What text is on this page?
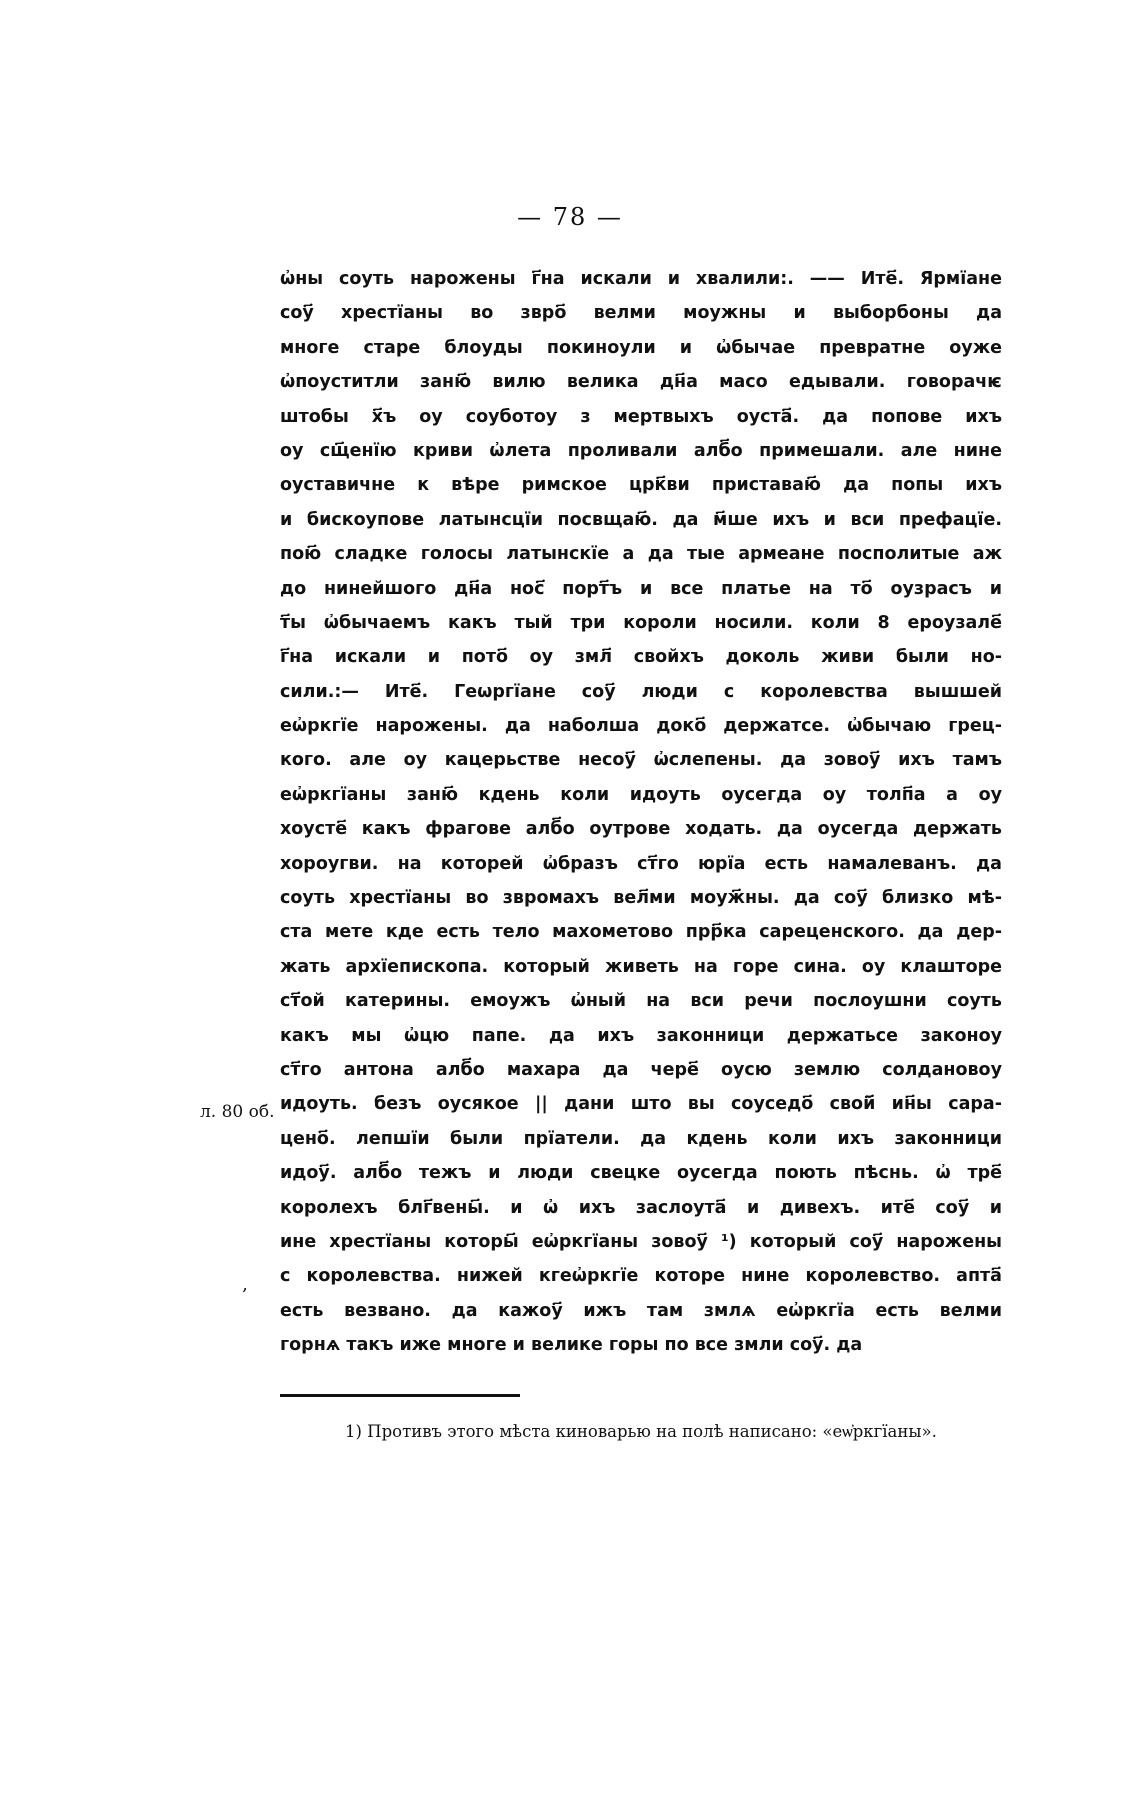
— 78 —
ѡ҆ны соуть нарожены г҃на искали и хвалили:. —— Ите҃. Ярмїане
соу҃ хрестїаны во звро҃ велми моужны и выборбоны да
многе старе блоуды покиноули и ѡ҆бычае превратне оуже
ѡ҆поуститли заню҃ вилю велика дн҃а масо едывали. говорачѥ
штобы х҃ъ оу соуботоу з мертвыхъ оуста҃. да попове ихъ
оу сщ҃енїю криви ѡ҆лета проливали алб҃о примешали. але нине
оуставичне к вѣре римское црк҃ви приставаю҃ да попы ихъ
и бискоупове латынсцїи посвщаю҃. да м҃ше ихъ и вси префацїе.
пою҃ сладке голосы латынскїе а да тые армеане посполитые аж
до нинейшого дн҃а нос҃ порт҃ъ и все платье на то҃ оузрасъ и
т҃ы ѡ҆бычаемъ какъ тый три короли носили. коли 8 ероузале҃
г҃на искали и пото҃ оу змл҃ свойхъ доколь живи были но-
сили.:— Ите҃. Геѡргїане соу҃ люди с королевства вышшей
еѡ҆ркгїе нарожены. да наболша доко҃ держатсе. ѡ҆бычаю грец-
кого. але оу кацерьстве несоу҃ ѡ҆слепены. да зовоу҃ ихъ тамъ
еѡ҆ркгїаны заню҃ кдень коли идоуть оусегда оу толп҃а а оу
хоусте҃ какъ фрагове алб҃о оутрове ходать. да оусегда держать
хороугви. на которей ѡ҆бразъ ст҃го юрїа есть намалеванъ. да
соуть хрестїаны во звромахъ вел҃ми моуж҃ны. да соу҃ близко мѣ-
ста мете кде есть тело махометово прр҃ка сареценского. да дер-
жать архїепископа. который живеть на горе сина. оу клашторе
ст҃ой катерины. емоужъ ѡ҆ный на вси речи послоушни соуть
какъ мы ѡ҆цю папе. да ихъ законници держатьсе законоу
ст҃го антона алб҃о махара да чере҃ оусю землю солдановоу
идоуть. безъ оусякое || дани што вы соуседо҃ свой҃ ин҃ы сара-
цено҃. лепшїи были прїатели. да кдень коли ихъ законници
идоу҃. алб҃о тежъ и люди свецке оусегда поють пѣснь. ѡ҆ тре҃
королехъ блг҃вены҃. и ѡ҆ ихъ заслоута҃ и дивехъ. ите҃ соу҃ и
ине хрестїаны которы҃ еѡ҆ркгїаны зовоу҃ ¹) который соу҃ нарожены
с королевства. нижей кгеѡ҆ркгїе которе нине королевство. апта҃
есть везвано. да кажоу҃ ижъ там змлѧ еѡ҆ркгїа есть велми
горнѧ такъ иже многе и велике горы по все змли соу҃. да
л. 80 об.
‚
1) Противъ этого мѣста киноварью на полѣ написано: «еѡ҆ркгїаны».
